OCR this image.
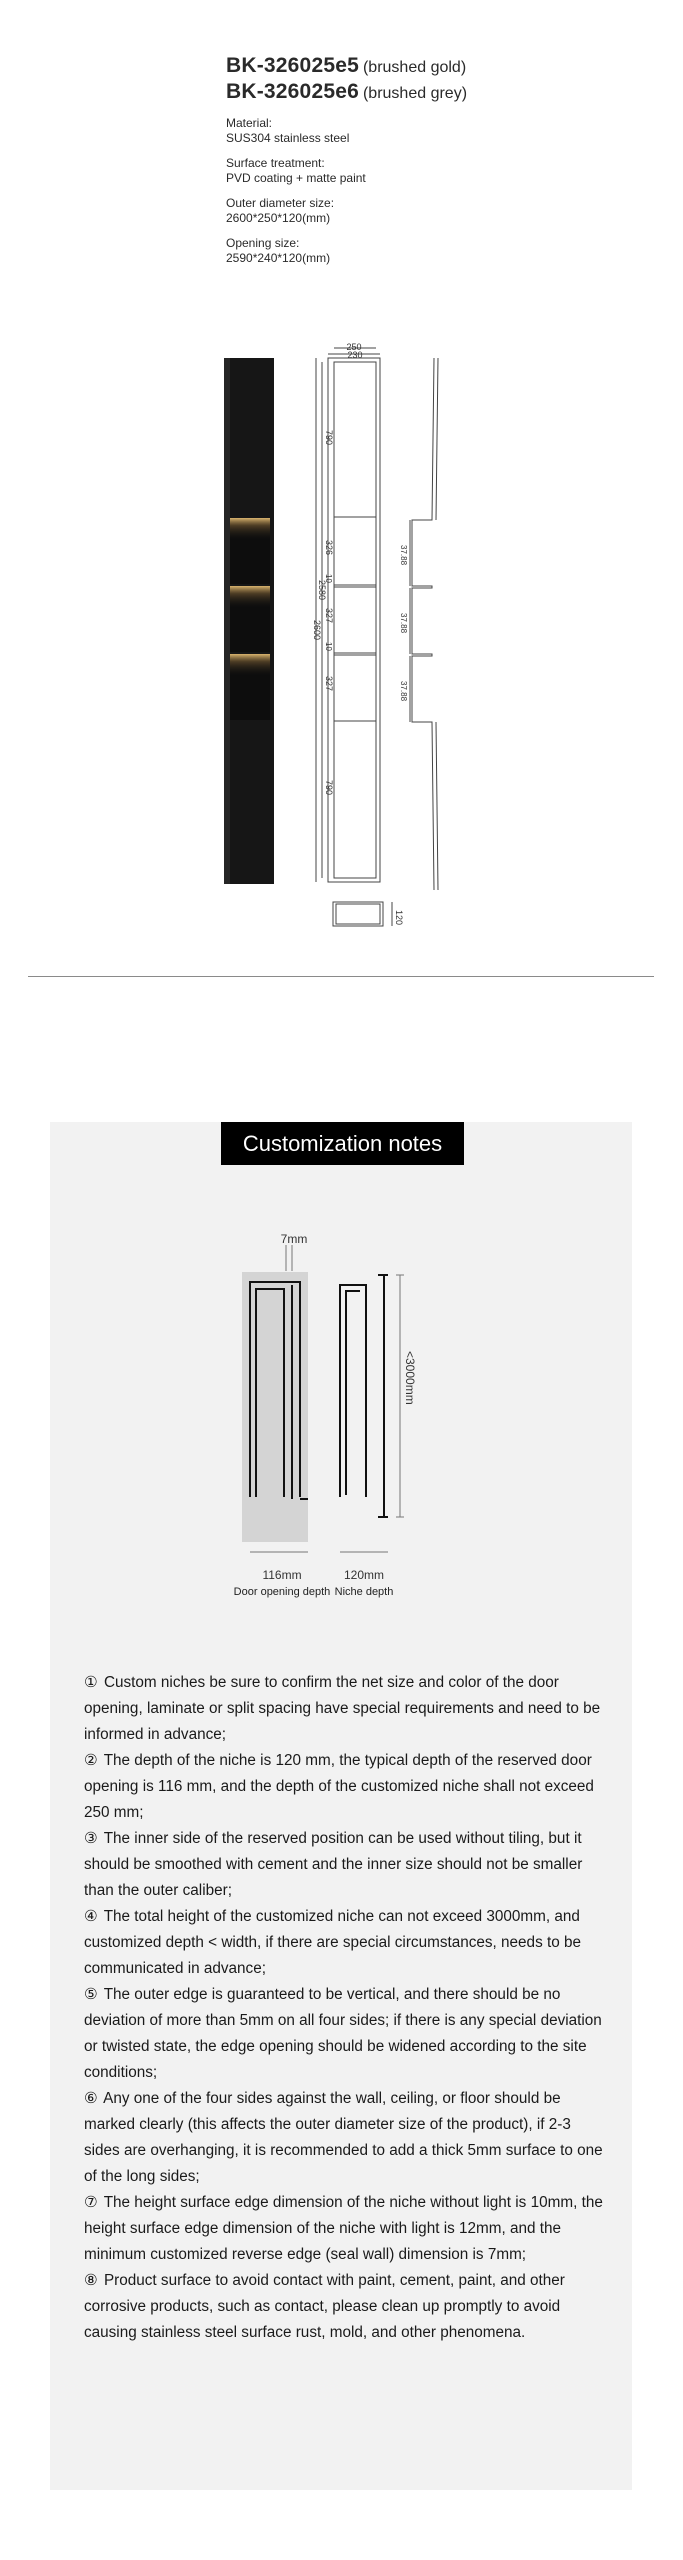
BK-326025e5 (brushed gold)
BK-326025e6 (brushed grey)
Material:
SUS304 stainless steel
Surface treatment:
PVD coating + matte paint
Outer diameter size:
2600*250*120(mm)
Opening size:
2590*240*120(mm)
250
230
2600
2580
790
326
10
327
10
327
790
37.88
37.88
37.88
120
Customization notes
7mm
116mm
Door opening depth
<3000mm
120mm
Niche depth

① Custom niches be sure to confirm the net size and color of the door opening, laminate or split spacing have special requirements and need to be informed in advance;

② The depth of the niche is 120 mm, the typical depth of the reserved door opening is 116 mm, and the depth of the customized niche shall not exceed 250 mm;

③ The inner side of the reserved position can be used without tiling, but it should be smoothed with cement and the inner size should not be smaller than the outer caliber;

④ The total height of the customized niche can not exceed 3000mm, and customized depth < width, if there are special circumstances, needs to be communicated in advance;

⑤ The outer edge is guaranteed to be vertical, and there should be no deviation of more than 5mm on all four sides; if there is any special deviation or twisted state, the edge opening should be widened according to the site conditions;

⑥ Any one of the four sides against the wall, ceiling, or floor should be marked clearly (this affects the outer diameter size of the product), if 2-3 sides are overhanging, it is recommended to add a thick 5mm surface to one of the long sides;

⑦ The height surface edge dimension of the niche without light is 10mm, the height surface edge dimension of the niche with light is 12mm, and the minimum customized reverse edge (seal wall) dimension is 7mm;

⑧ Product surface to avoid contact with paint, cement, paint, and other corrosive products, such as contact, please clean up promptly to avoid causing stainless steel surface rust, mold, and other phenomena.
